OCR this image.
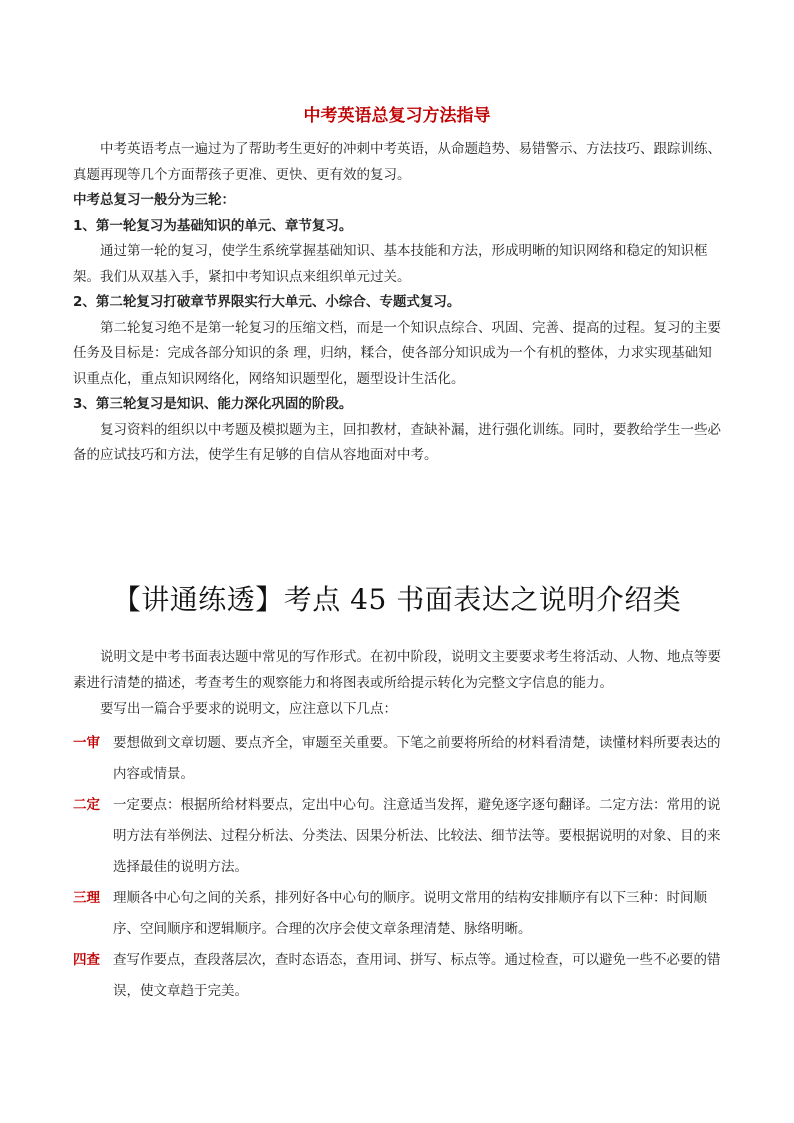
中考英语总复习方法指导

中考英语考点一遍过为了帮助考生更好的冲刺中考英语，从命题趋势、易错警示、方法技巧、跟踪训练、真题再现等几个方面帮孩子更准、更快、更有效的复习。

中考总复习一般分为三轮：

1、第一轮复习为基础知识的单元、章节复习。

通过第一轮的复习，使学生系统掌握基础知识、基本技能和方法，形成明晰的知识网络和稳定的知识框架。我们从双基入手，紧扣中考知识点来组织单元过关。

2、第二轮复习打破章节界限实行大单元、小综合、专题式复习。

第二轮复习绝不是第一轮复习的压缩文档，而是一个知识点综合、巩固、完善、提高的过程。复习的主要任务及目标是：完成各部分知识的条 理，归纳，糅合，使各部分知识成为一个有机的整体，力求实现基础知识重点化，重点知识网络化，网络知识题型化，题型设计生活化。

3、第三轮复习是知识、能力深化巩固的阶段。

复习资料的组织以中考题及模拟题为主，回扣教材，查缺补漏，进行强化训练。同时，要教给学生一些必备的应试技巧和方法，使学生有足够的自信从容地面对中考。

【讲通练透】考点 45 书面表达之说明介绍类

说明文是中考书面表达题中常见的写作形式。在初中阶段，说明文主要要求考生将活动、人物、地点等要素进行清楚的描述，考查考生的观察能力和将图表或所给提示转化为完整文字信息的能力。

要写出一篇合乎要求的说明文，应注意以下几点：

一审 要想做到文章切题、要点齐全，审题至关重要。下笔之前要将所给的材料看清楚，读懂材料所要表达的内容或情景。
二定 一定要点：根据所给材料要点，定出中心句。注意适当发挥，避免逐字逐句翻译。二定方法：常用的说明方法有举例法、过程分析法、分类法、因果分析法、比较法、细节法等。要根据说明的对象、目的来选择最佳的说明方法。
三理 理顺各中心句之间的关系，排列好各中心句的顺序。说明文常用的结构安排顺序有以下三种：时间顺序、空间顺序和逻辑顺序。合理的次序会使文章条理清楚、脉络明晰。
四查 查写作要点，查段落层次，查时态语态，查用词、拼写、标点等。通过检查，可以避免一些不必要的错误，使文章趋于完美。
